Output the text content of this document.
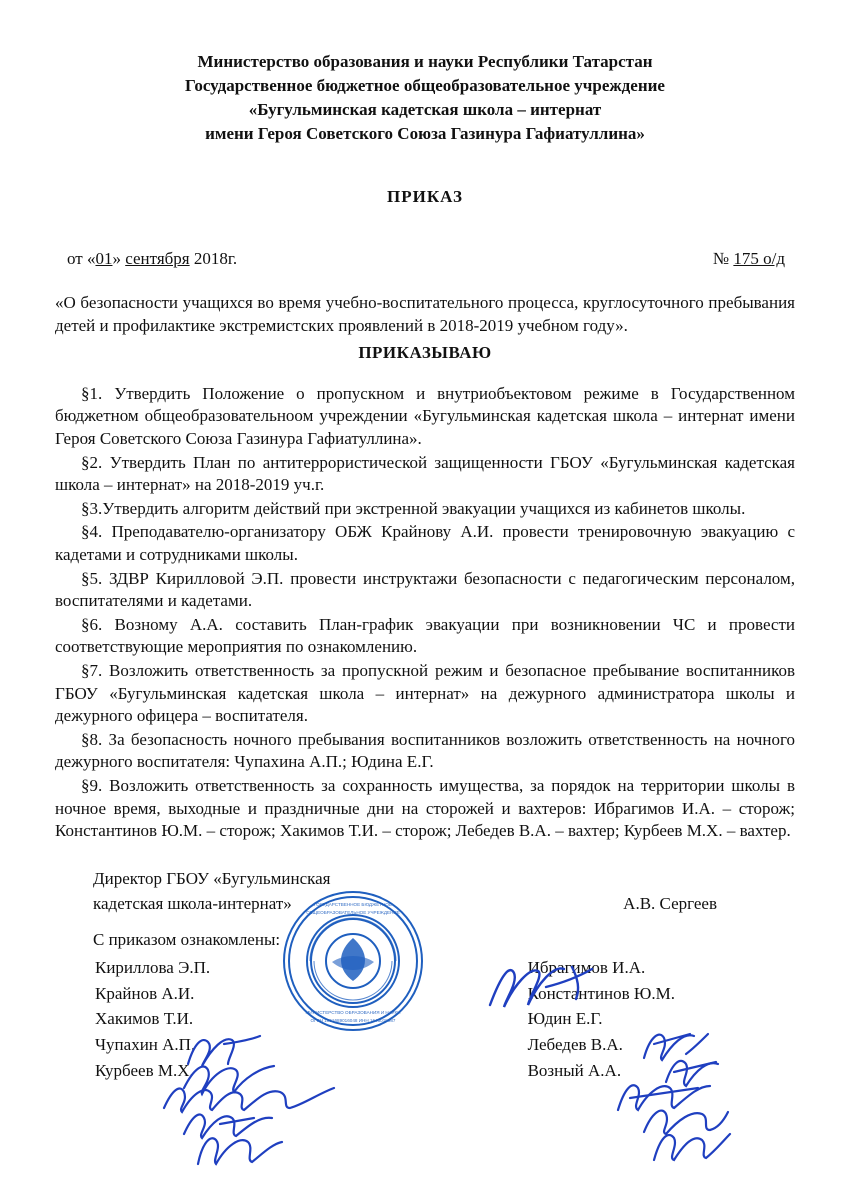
Министерство образования и науки Республики Татарстан
Государственное бюджетное общеобразовательное учреждение
«Бугульминская кадетская школа – интернат
имени Героя Советского Союза Газинура Гафиатуллина»
ПРИКАЗ
от «01» сентября 2018г.	№ 175 о/д
«О безопасности учащихся во время учебно-воспитательного процесса, круглосуточного пребывания детей и профилактике экстремистских проявлений в 2018-2019 учебном году».
ПРИКАЗЫВАЮ

§1. Утвердить Положение о пропускном и внутриобъектовом режиме в Государственном бюджетном общеобразовательноом учреждении «Бугульминская кадетская школа – интернат имени Героя Советского Союза Газинура Гафиатуллина».

§2. Утвердить План по антитеррористической защищенности ГБОУ «Бугульминская кадетская школа – интернат» на 2018-2019 уч.г.

§3.Утвердить алгоритм действий при экстренной эвакуации учащихся из кабинетов школы.

§4. Преподавателю-организатору ОБЖ Крайнову А.И. провести тренировочную эвакуацию с кадетами и сотрудниками школы.

§5. ЗДВР Кирилловой Э.П. провести инструктажи безопасности с педагогическим персоналом, воспитателями и кадетами.

§6. Возному А.А. составить План-график эвакуации при возникновении ЧС и провести соответствующие мероприятия по ознакомлению.

§7. Возложить ответственность за пропускной режим и безопасное пребывание воспитанников ГБОУ «Бугульминская кадетская школа – интернат» на дежурного администратора школы и дежурного офицера – воспитателя.

§8. За безопасность ночного пребывания воспитанников возложить ответственность на ночного дежурного воспитателя: Чупахина А.П.; Юдина Е.Г.

§9. Возложить ответственность за сохранность имущества, за порядок на территории школы в ночное время, выходные и праздничные дни на сторожей и вахтеров: Ибрагимов И.А. – сторож; Константинов Ю.М. – сторож; Хакимов Т.И. – сторож; Лебедев В.А. – вахтер; Курбеев М.Х. – вахтер.

Директор ГБОУ «Бугульминская
кадетская школа-интернат»	А.В. Сергеев
С приказом ознакомлены:
Кириллова Э.П.
Крайнов А.И.
Хакимов Т.И.
Чупахин А.П.
Курбеев М.Х.
Ибрагимов И.А.
Константинов Ю.М.
Юдин Е.Г.
Лебедев В.А.
Возный А.А.
ГОСУДАРСТВЕННОЕ БЮДЖЕТНОЕ
ОГРН 1051689016048 ИНН 1645019987
ОБЩЕОБРАЗОВАТЕЛЬНОЕ УЧРЕЖДЕНИЕ
МИНИСТЕРСТВО ОБРАЗОВАНИЯ И НАУКИ
